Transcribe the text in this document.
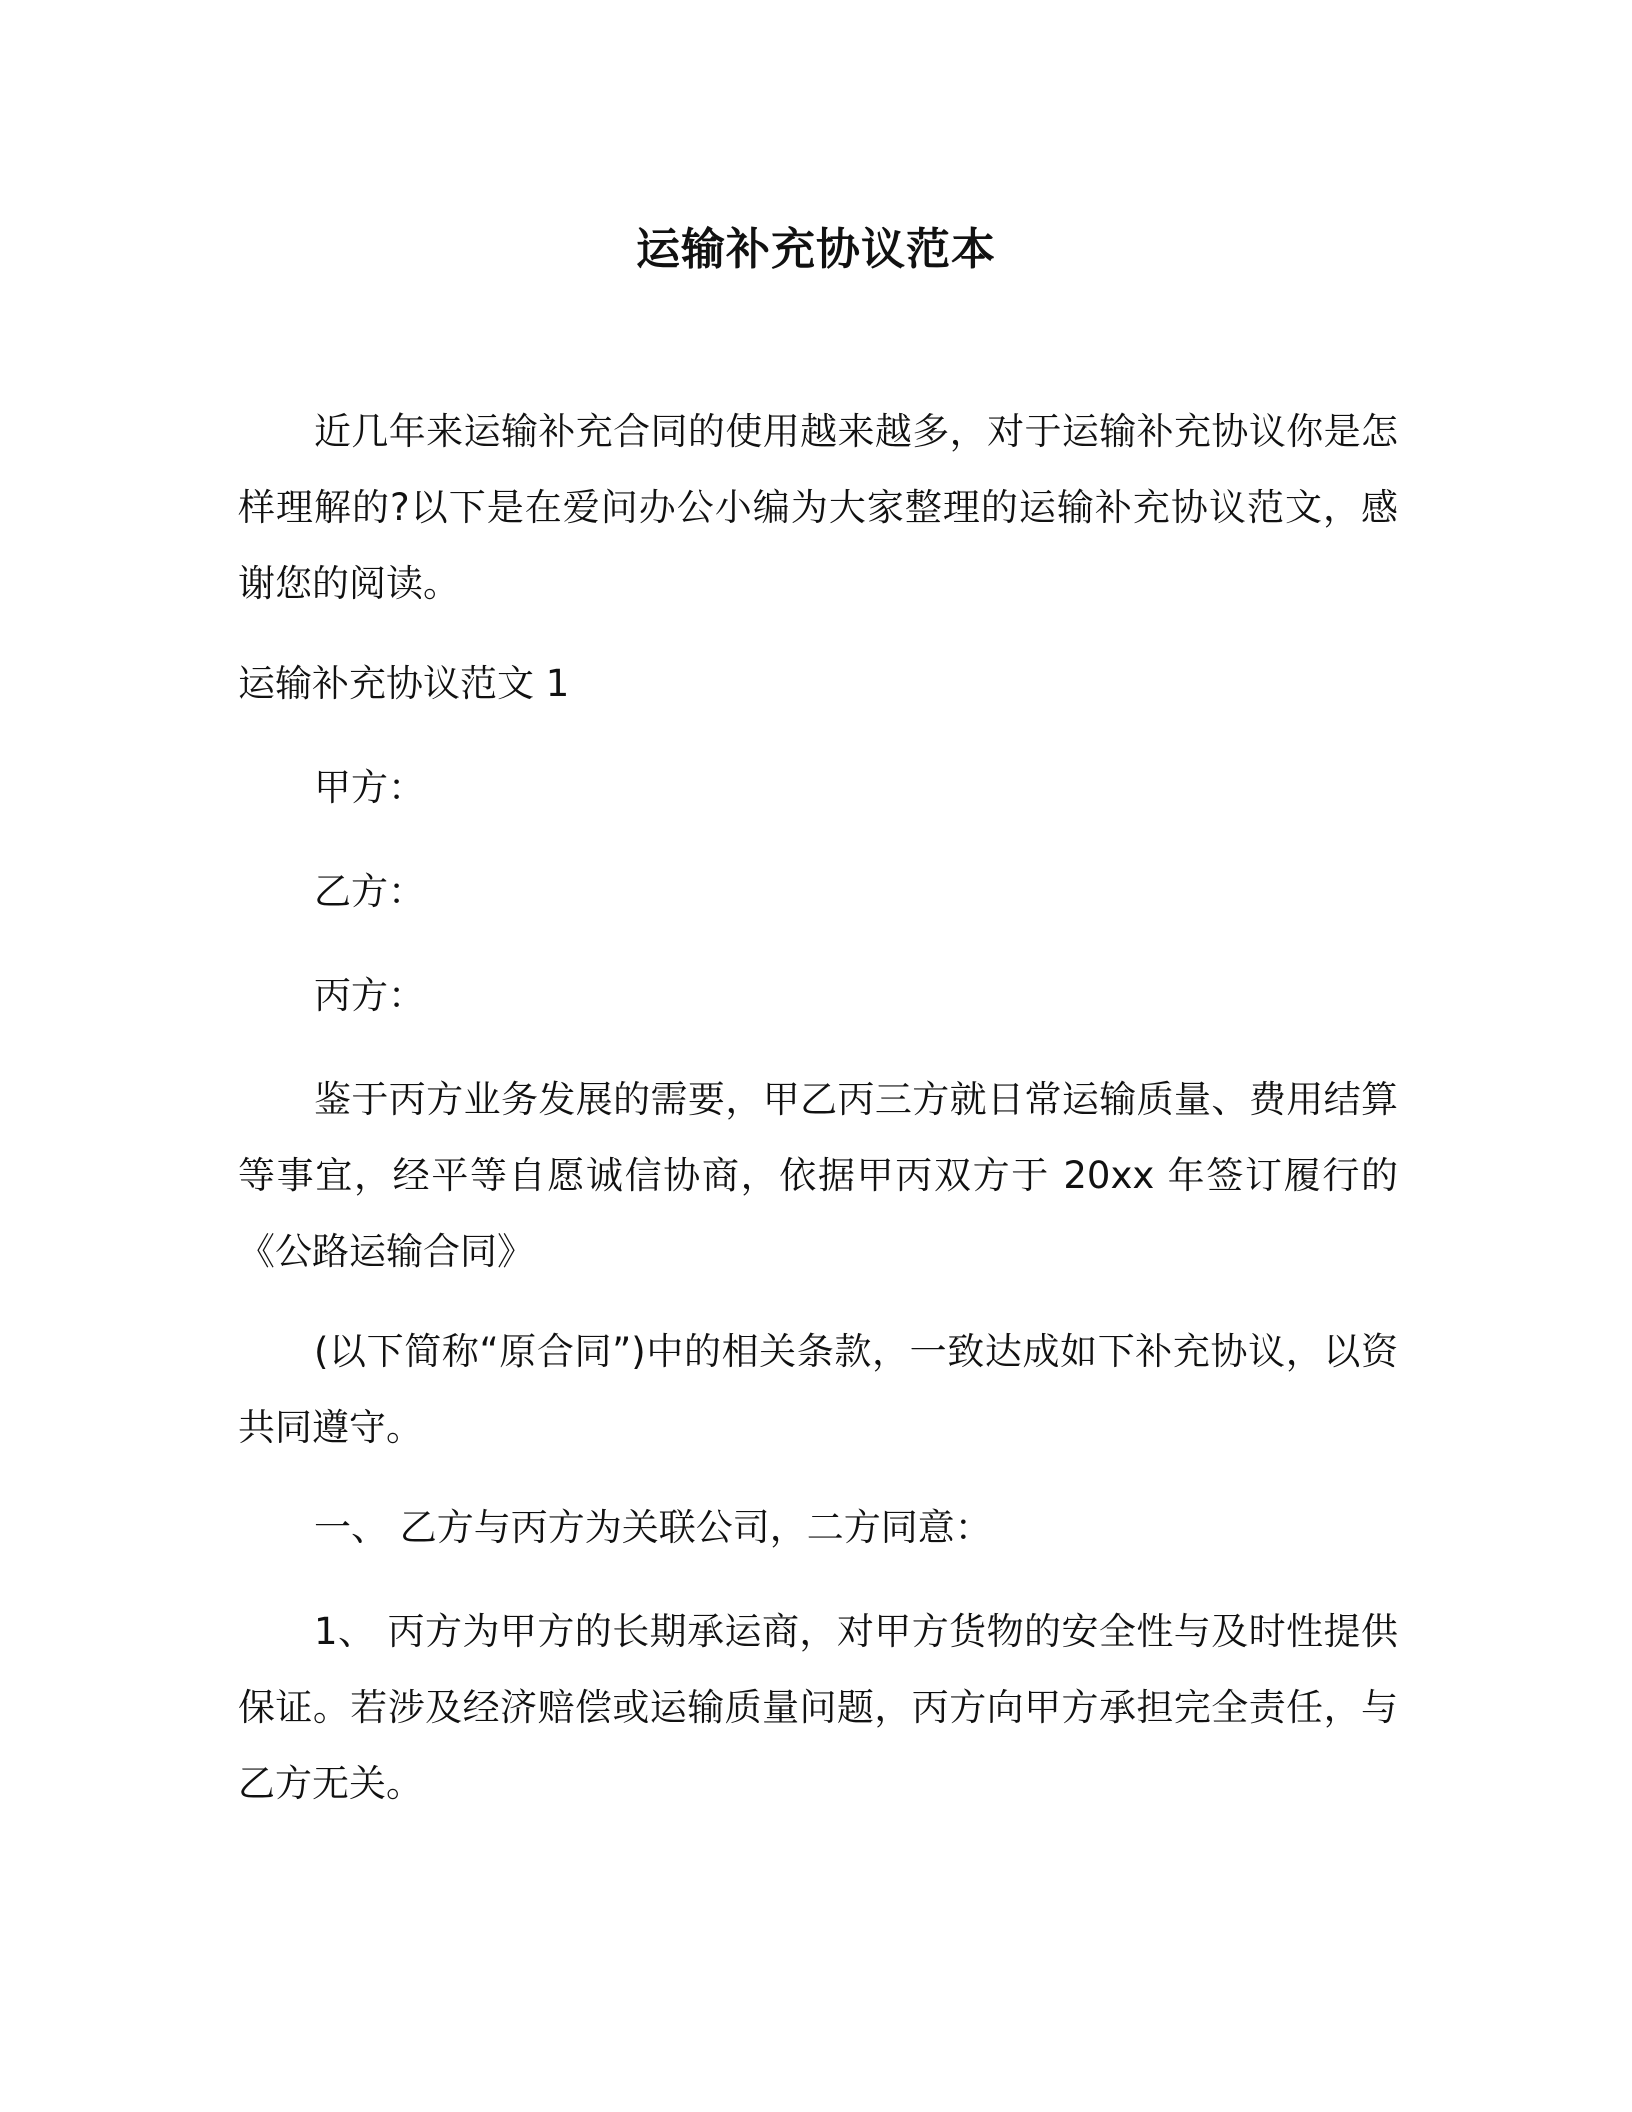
运输补充协议范本

近几年来运输补充合同的使用越来越多，对于运输补充协议你是怎样理解的?以下是在爱问办公小编为大家整理的运输补充协议范文，感谢您的阅读。

运输补充协议范文 1

甲方：

乙方：

丙方：

鉴于丙方业务发展的需要，甲乙丙三方就日常运输质量、费用结算等事宜，经平等自愿诚信协商，依据甲丙双方于 20xx 年签订履行的《公路运输合同》

(以下简称“原合同”)中的相关条款，一致达成如下补充协议，以资共同遵守。

一、 乙方与丙方为关联公司，二方同意：

1、 丙方为甲方的长期承运商，对甲方货物的安全性与及时性提供保证。若涉及经济赔偿或运输质量问题，丙方向甲方承担完全责任，与乙方无关。
